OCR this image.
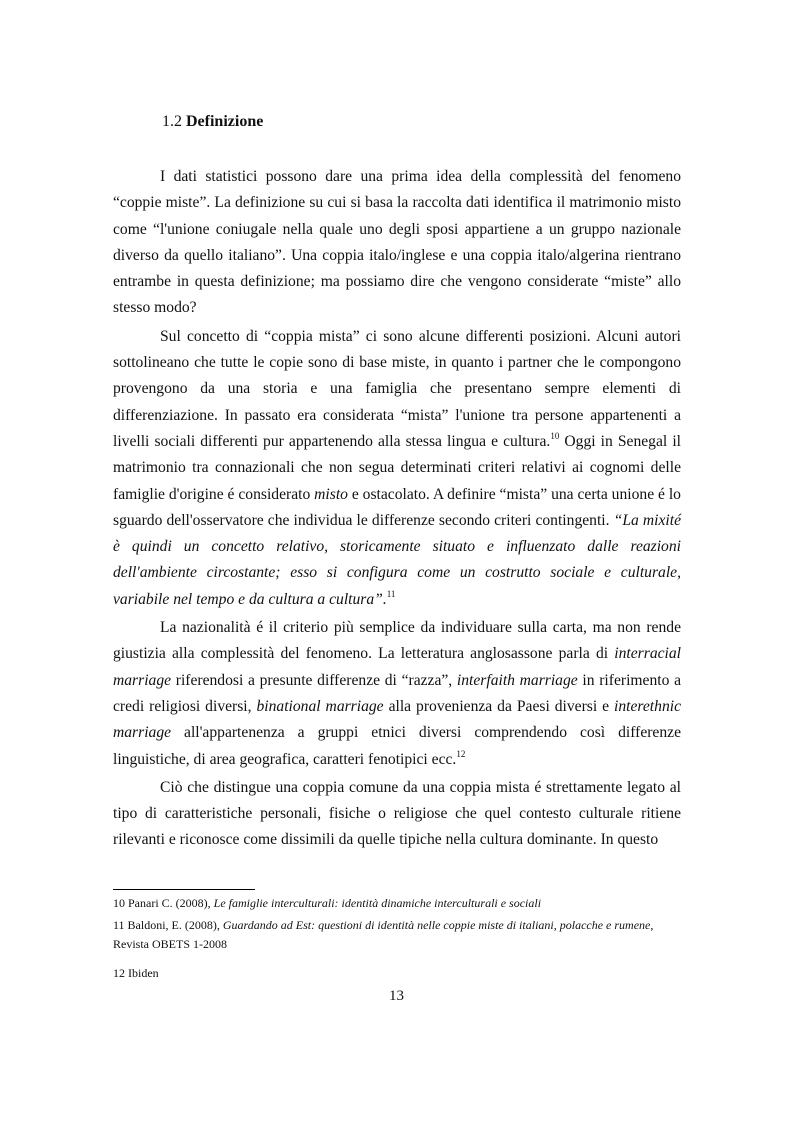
1.2 Definizione

I dati statistici possono dare una prima idea della complessità del fenomeno “coppie miste”. La definizione su cui si basa la raccolta dati identifica il matrimonio misto come “l'unione coniugale nella quale uno degli sposi appartiene a un gruppo nazionale diverso da quello italiano”. Una coppia italo/inglese e una coppia italo/algerina rientrano entrambe in questa definizione; ma possiamo dire che vengono considerate “miste” allo stesso modo?

Sul concetto di “coppia mista” ci sono alcune differenti posizioni. Alcuni autori sottolineano che tutte le copie sono di base miste, in quanto i partner che le compongono provengono da una storia e una famiglia che presentano sempre elementi di differenziazione. In passato era considerata “mista” l'unione tra persone appartenenti a livelli sociali differenti pur appartenendo alla stessa lingua e cultura.$^{10}$ Oggi in Senegal il matrimonio tra connazionali che non segua determinati criteri relativi ai cognomi delle famiglie d'origine é considerato misto e ostacolato. A definire “mista” una certa unione é lo sguardo dell'osservatore che individua le differenze secondo criteri contingenti. “La mixité è quindi un concetto relativo, storicamente situato e influenzato dalle reazioni dell'ambiente circostante; esso si configura come un costrutto sociale e culturale, variabile nel tempo e da cultura a cultura”.$^{11}$

La nazionalità é il criterio più semplice da individuare sulla carta, ma non rende giustizia alla complessità del fenomeno. La letteratura anglosassone parla di interracial marriage riferendosi a presunte differenze di “razza”, interfaith marriage in riferimento a credi religiosi diversi, binational marriage alla provenienza da Paesi diversi e interethnic marriage all'appartenenza a gruppi etnici diversi comprendendo così differenze linguistiche, di area geografica, caratteri fenotipici ecc.$^{12}$

Ciò che distingue una coppia comune da una coppia mista é strettamente legato al tipo di caratteristiche personali, fisiche o religiose che quel contesto culturale ritiene rilevanti e riconosce come dissimili da quelle tipiche nella cultura dominante. In questo

10 Panari C. (2008), Le famiglie interculturali: identità dinamiche interculturali e sociali

11 Baldoni, E. (2008), Guardando ad Est: questioni di identità nelle coppie miste di italiani, polacche e rumene, Revista OBETS 1-2008

12 Ibiden

13
